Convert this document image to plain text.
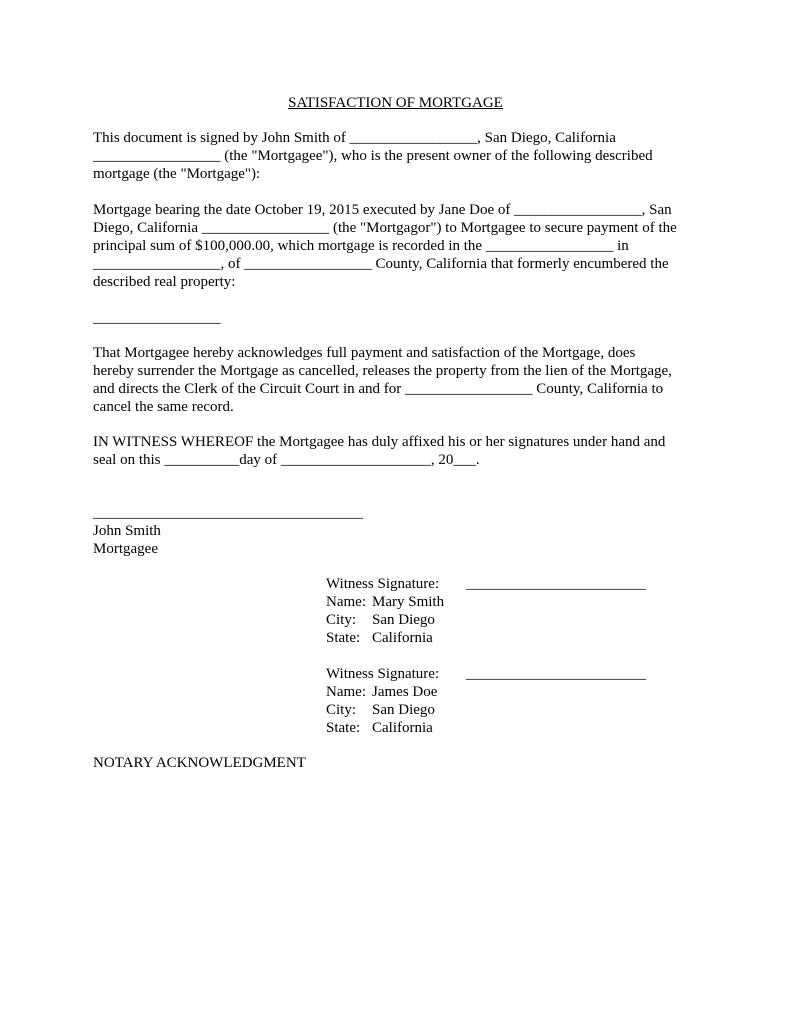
SATISFACTION OF MORTGAGE
This document is signed by John Smith of _________________, San Diego, California
_________________ (the "Mortgagee"), who is the present owner of the following described
mortgage (the "Mortgage"):
Mortgage bearing the date October 19, 2015 executed by Jane Doe of _________________, San
Diego, California _________________ (the "Mortgagor") to Mortgagee to secure payment of the
principal sum of $100,000.00, which mortgage is recorded in the _________________ in
_________________, of _________________ County, California that formerly encumbered the
described real property:
_________________
That Mortgagee hereby acknowledges full payment and satisfaction of the Mortgage, does
hereby surrender the Mortgage as cancelled, releases the property from the lien of the Mortgage,
and directs the Clerk of the Circuit Court in and for _________________ County, California to
cancel the same record.
IN WITNESS WHEREOF the Mortgagee has duly affixed his or her signatures under hand and
seal on this __________day of ____________________, 20___.
____________________________________
John Smith
Mortgagee
Witness Signature: ________________________
Name: Mary Smith
City: San Diego
State: California
Witness Signature: ________________________
Name: James Doe
City: San Diego
State: California
NOTARY ACKNOWLEDGMENT
